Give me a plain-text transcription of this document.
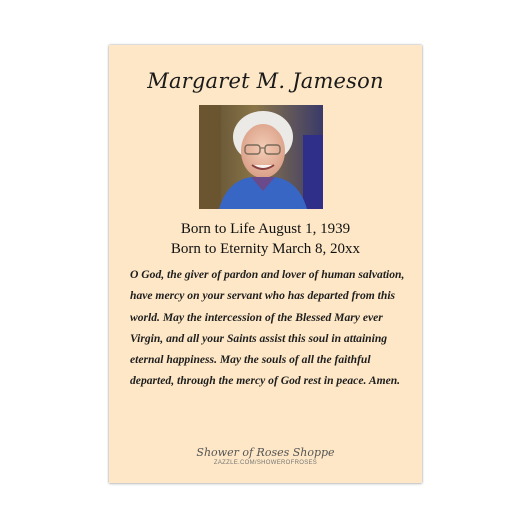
Margaret M. Jameson
Born to Life August 1, 1939
Born to Eternity March 8, 20xx
O God, the giver of pardon and lover of human salvation, have mercy on your servant who has departed from this world. May the intercession of the Blessed Mary ever Virgin, and all your Saints assist this soul in attaining eternal happiness. May the souls of all the faithful departed, through the mercy of God rest in peace. Amen.
Shower of Roses Shoppe
ZAZZLE.COM/SHOWEROFROSES
